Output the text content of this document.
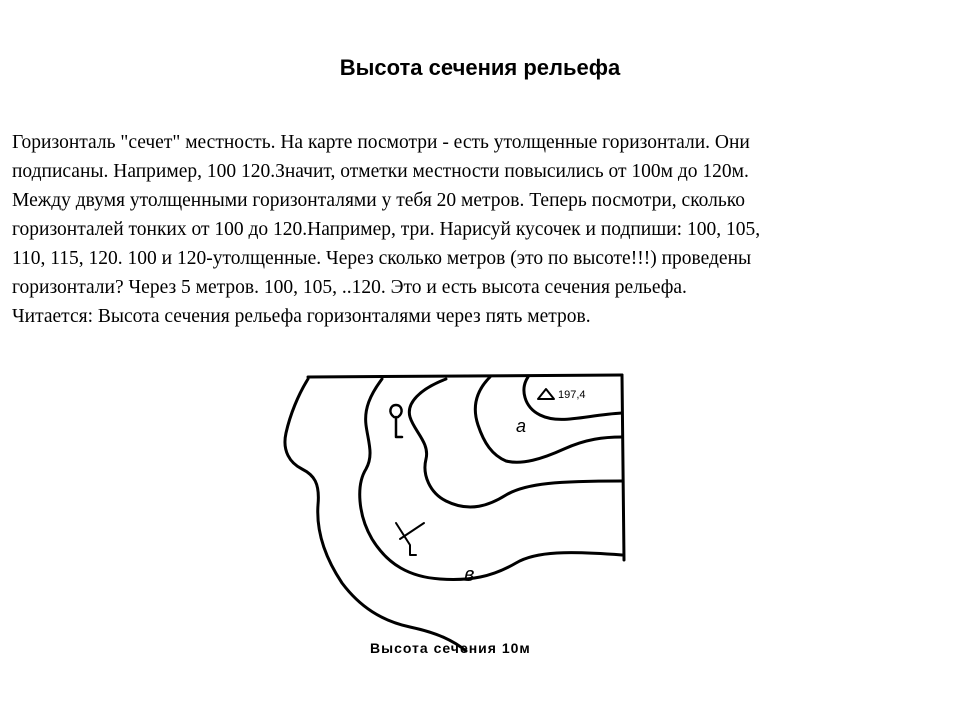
Высота сечения рельефа
Горизонталь "сечет" местность. На карте посмотри - есть утолщенные горизонтали. Они
подписаны. Например, 100 120.Значит, отметки местности повысились от 100м до 120м.
Между двумя утолщенными горизонталями у тебя 20 метров. Теперь посмотри, сколько
горизонталей тонких от 100 до 120.Например, три. Нарисуй кусочек и подпиши: 100, 105,
110, 115, 120. 100 и 120-утолщенные. Через сколько метров (это по высоте!!!) проведены
горизонтали? Через 5 метров. 100, 105, ..120. Это и есть высота сечения рельефа.
Читается: Высота сечения рельефа горизонталями через пять метров.
197,4
а
в
Высота сечения 10м
